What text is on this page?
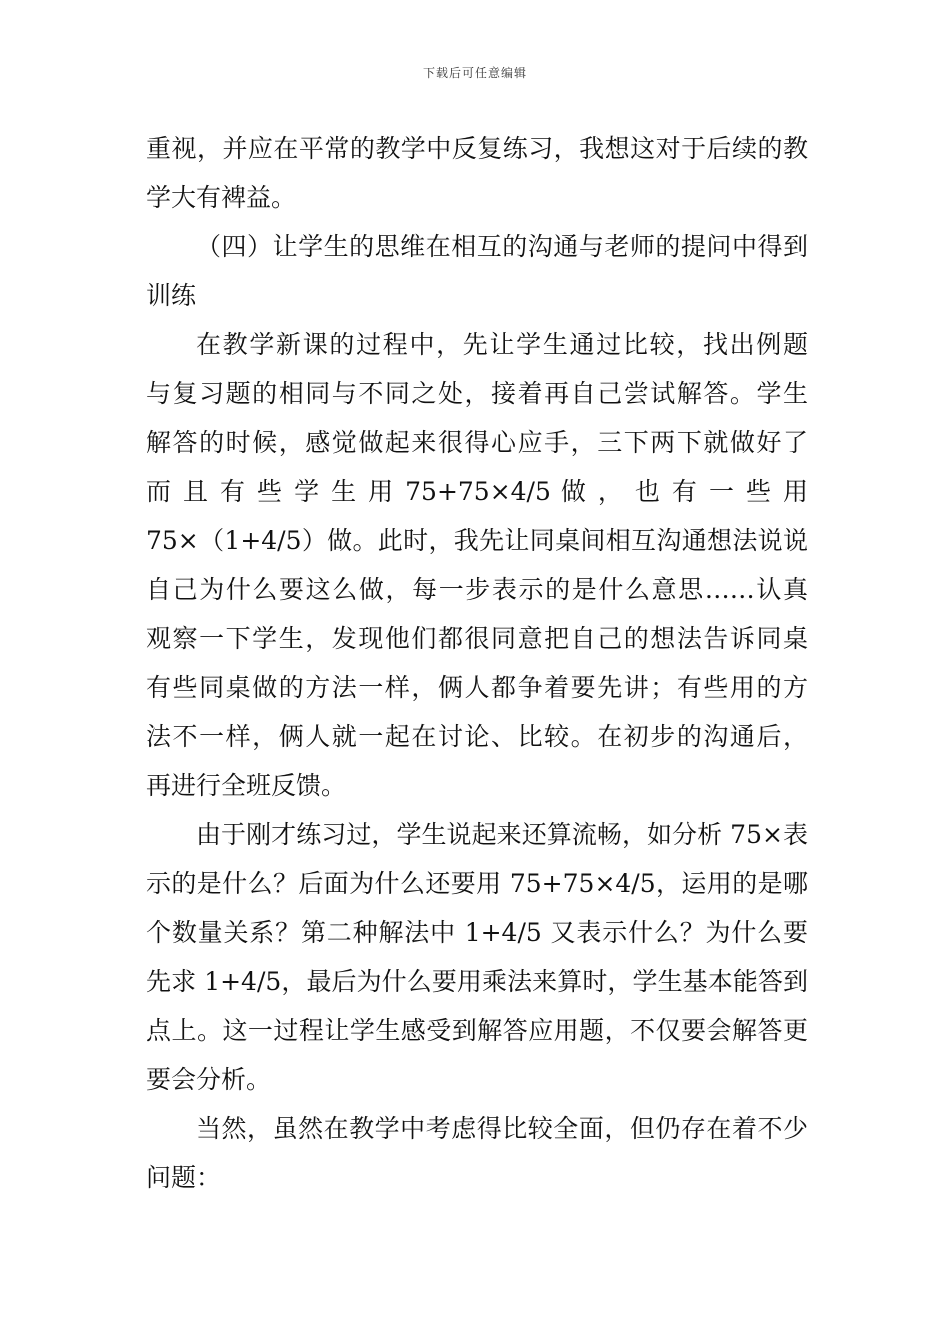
下载后可任意编辑

重视，并应在平常的教学中反复练习，我想这对于后续的教学大有裨益。

（四）让学生的思维在相互的沟通与老师的提问中得到训练

在教学新课的过程中，先让学生通过比较，找出例题
与复习题的相同与不同之处，接着再自己尝试解答。学生
解答的时候，感觉做起来很得心应手，三下两下就做好了
而 且 有 些 学 生 用 75+75×4/5 做 ， 也 有 一 些 用
75×（1+4/5）做。此时，我先让同桌间相互沟通想法说说
自己为什么要这么做，每一步表示的是什么意思……认真
观察一下学生，发现他们都很同意把自己的想法告诉同桌
有些同桌做的方法一样，俩人都争着要先讲；有些用的方
法不一样，俩人就一起在讨论、比较。在初步的沟通后，
再进行全班反馈。

由于刚才练习过，学生说起来还算流畅，如分析 75×表示的是什么？后面为什么还要用 75+75×4/5，运用的是哪个数量关系？第二种解法中 1+4/5 又表示什么？为什么要先求 1+4/5，最后为什么要用乘法来算时，学生基本能答到点上。这一过程让学生感受到解答应用题，不仅要会解答更要会分析。

当然，虽然在教学中考虑得比较全面，但仍存在着不少问题：
